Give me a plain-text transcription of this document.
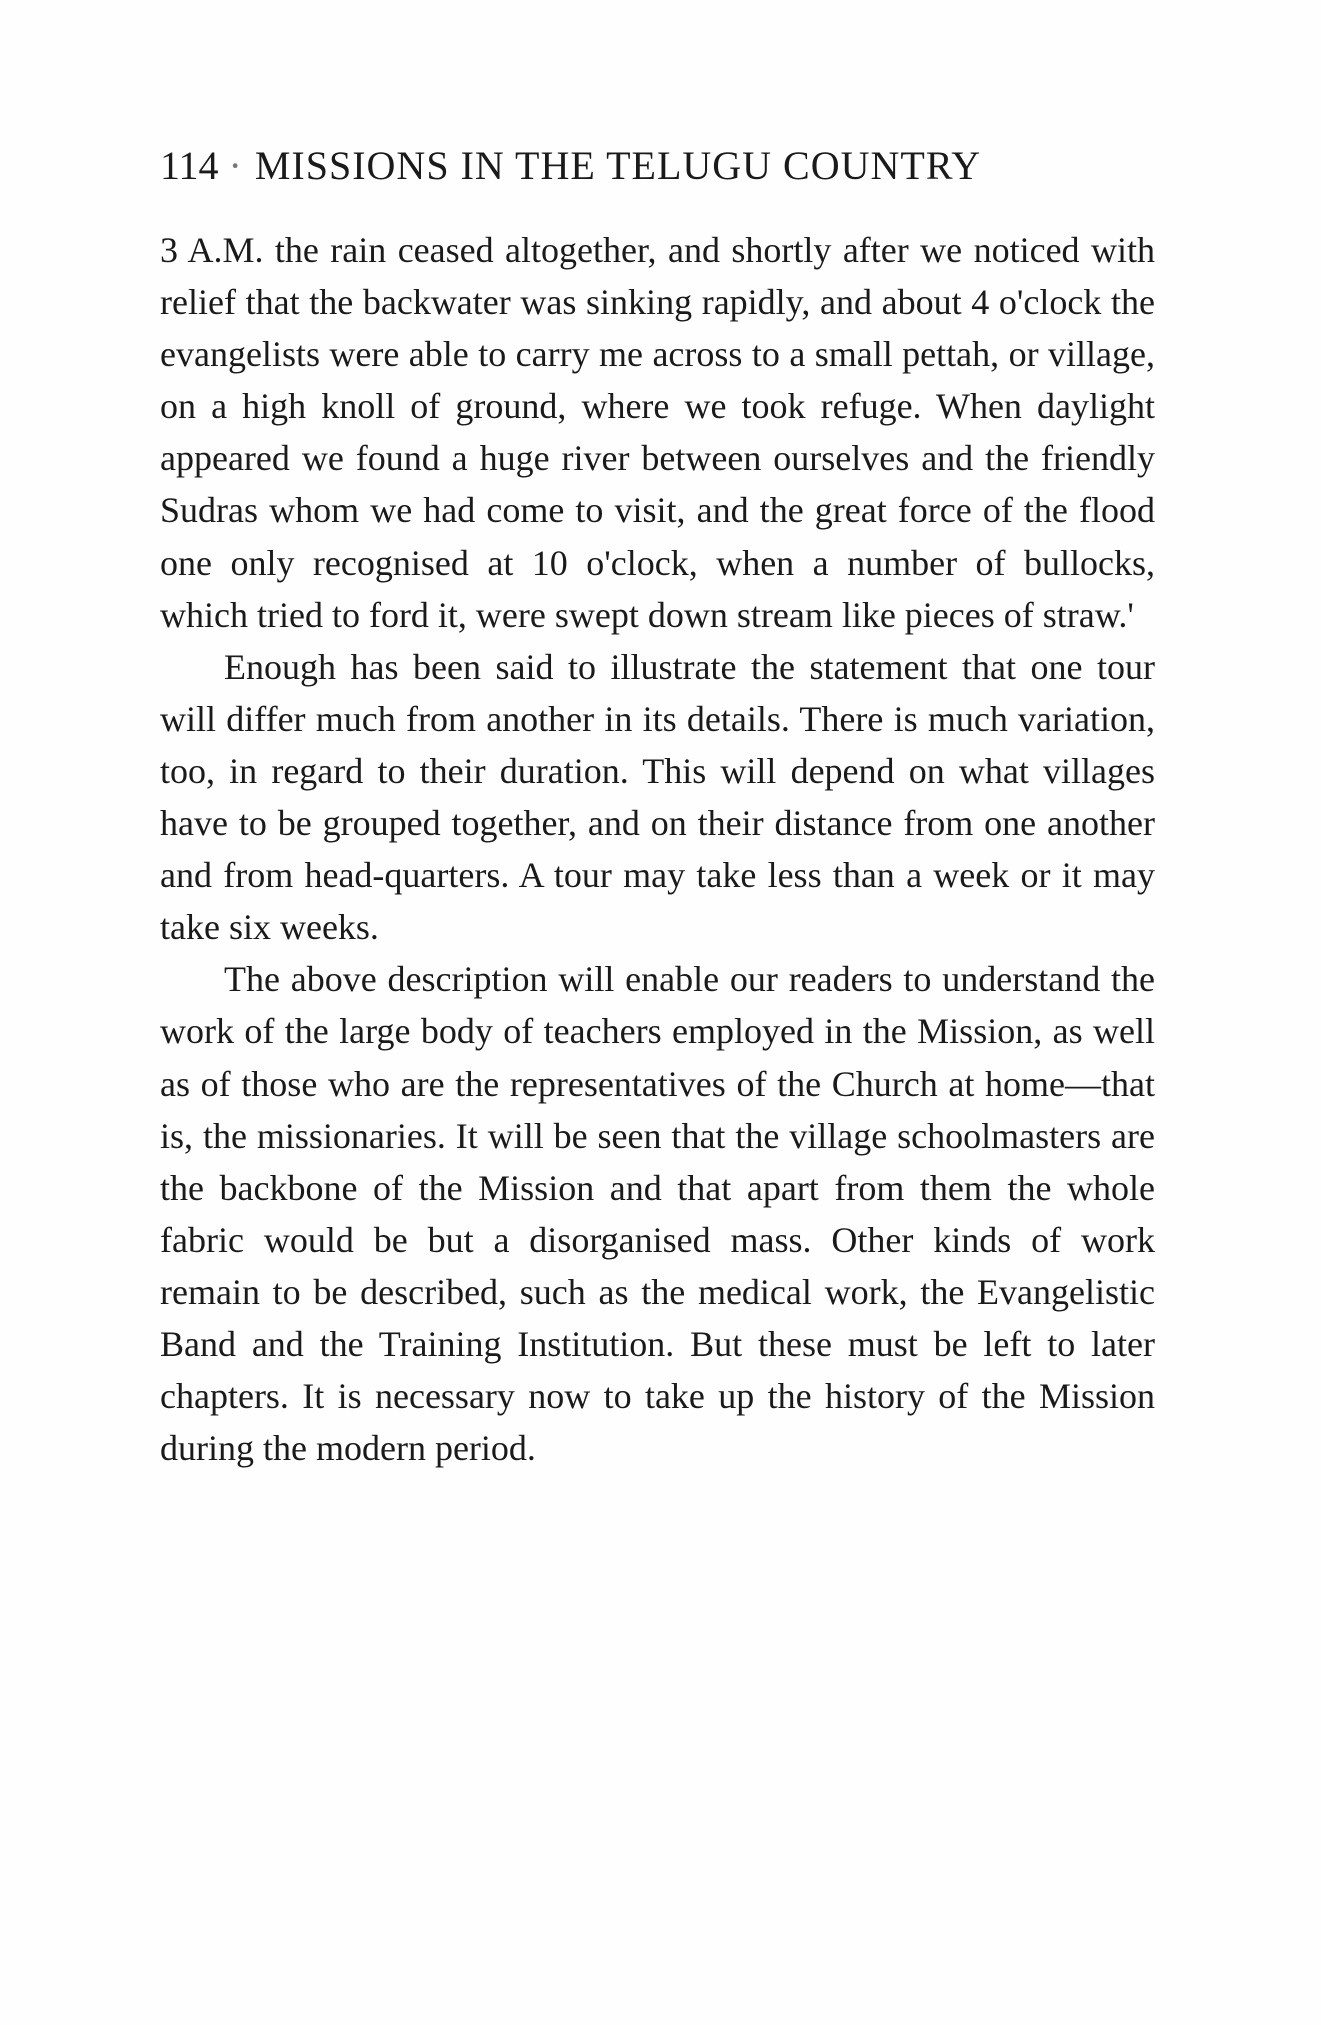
114 · MISSIONS IN THE TELUGU COUNTRY

3 A.M. the rain ceased altogether, and shortly after we noticed with relief that the backwater was sinking rapidly, and about 4 o'clock the evangelists were able to carry me across to a small pettah, or village, on a high knoll of ground, where we took refuge. When daylight appeared we found a huge river between ourselves and the friendly Sudras whom we had come to visit, and the great force of the flood one only recognised at 10 o'clock, when a number of bullocks, which tried to ford it, were swept down stream like pieces of straw.'

Enough has been said to illustrate the statement that one tour will differ much from another in its details. There is much variation, too, in regard to their duration. This will depend on what villages have to be grouped together, and on their distance from one another and from head-quarters. A tour may take less than a week or it may take six weeks.

The above description will enable our readers to understand the work of the large body of teachers employed in the Mission, as well as of those who are the representatives of the Church at home—that is, the missionaries. It will be seen that the village schoolmasters are the backbone of the Mission and that apart from them the whole fabric would be but a disorganised mass. Other kinds of work remain to be described, such as the medical work, the Evangelistic Band and the Training Institution. But these must be left to later chapters. It is necessary now to take up the history of the Mission during the modern period.
